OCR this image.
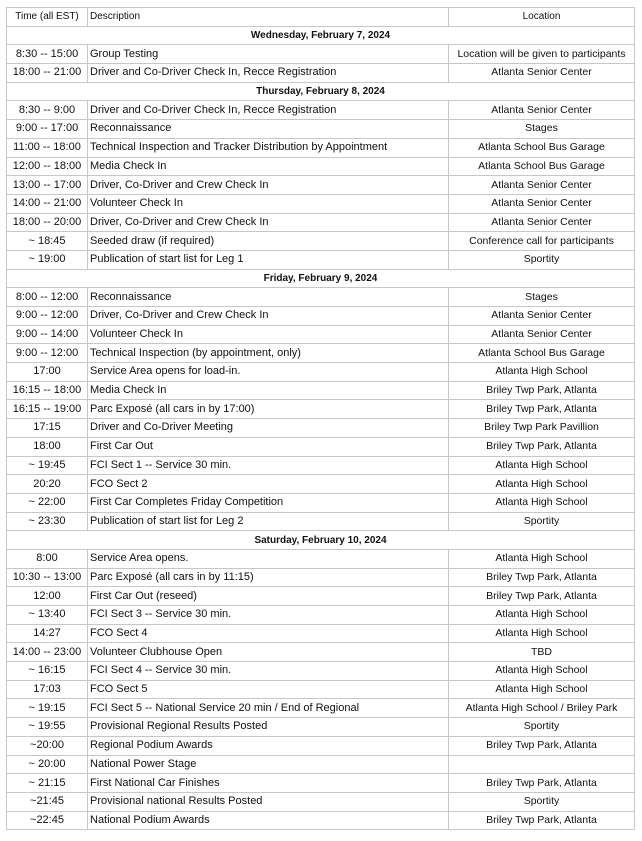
Time (all EST)	Description	Location
Wednesday, February 7, 2024		
8:30 -- 15:00	Group Testing	Location will be given to participants
18:00 -- 21:00	Driver and Co-Driver Check In, Recce Registration	Atlanta Senior Center
Thursday, February 8, 2024		
8:30 -- 9:00	Driver and Co-Driver Check In, Recce Registration	Atlanta Senior Center
9:00 -- 17:00	Reconnaissance	Stages
11:00 -- 18:00	Technical Inspection and Tracker Distribution by Appointment	Atlanta School Bus Garage
12:00 -- 18:00	Media Check In	Atlanta School Bus Garage
13:00 -- 17:00	Driver, Co-Driver and Crew Check In	Atlanta Senior Center
14:00 -- 21:00	Volunteer Check In	Atlanta Senior Center
18:00 -- 20:00	Driver, Co-Driver and Crew Check In	Atlanta Senior Center
~ 18:45	Seeded draw (if required)	Conference call for participants
~ 19:00	Publication of start list for Leg 1	Sportity
Friday, February 9, 2024		
8:00 -- 12:00	Reconnaissance	Stages
9:00 -- 12:00	Driver, Co-Driver and Crew Check In	Atlanta Senior Center
9:00 -- 14:00	Volunteer Check In	Atlanta Senior Center
9:00 -- 12:00	Technical Inspection (by appointment, only)	Atlanta School Bus Garage
17:00	Service Area opens for load-in.	Atlanta High School
16:15 -- 18:00	Media Check In	Briley Twp Park, Atlanta
16:15 -- 19:00	Parc Exposé (all cars in by 17:00)	Briley Twp Park, Atlanta
17:15	Driver and Co-Driver Meeting	Briley Twp Park Pavillion
18:00	First Car Out	Briley Twp Park, Atlanta
~ 19:45	FCI Sect 1 -- Service 30 min.	Atlanta High School
20:20	FCO Sect 2	Atlanta High School
~ 22:00	First Car Completes Friday Competition	Atlanta High School
~ 23:30	Publication of start list for Leg 2	Sportity
Saturday, February 10, 2024		
8:00	Service Area opens.	Atlanta High School
10:30 -- 13:00	Parc Exposé (all cars in by 11:15)	Briley Twp Park, Atlanta
12:00	First Car Out (reseed)	Briley Twp Park, Atlanta
~ 13:40	FCI Sect 3 -- Service 30 min.	Atlanta High School
14:27	FCO Sect 4	Atlanta High School
14:00 -- 23:00	Volunteer Clubhouse Open	TBD
~ 16:15	FCI Sect 4 -- Service 30 min.	Atlanta High School
17:03	FCO Sect 5	Atlanta High School
~ 19:15	FCI Sect 5 -- National Service 20 min / End of Regional	Atlanta High School / Briley Park
~ 19:55	Provisional Regional Results Posted	Sportity
~20:00	Regional Podium Awards	Briley Twp Park, Atlanta
~ 20:00	National Power Stage	
~ 21:15	First National Car Finishes	Briley Twp Park, Atlanta
~21:45	Provisional national Results Posted	Sportity
~22:45	National Podium Awards	Briley Twp Park, Atlanta
